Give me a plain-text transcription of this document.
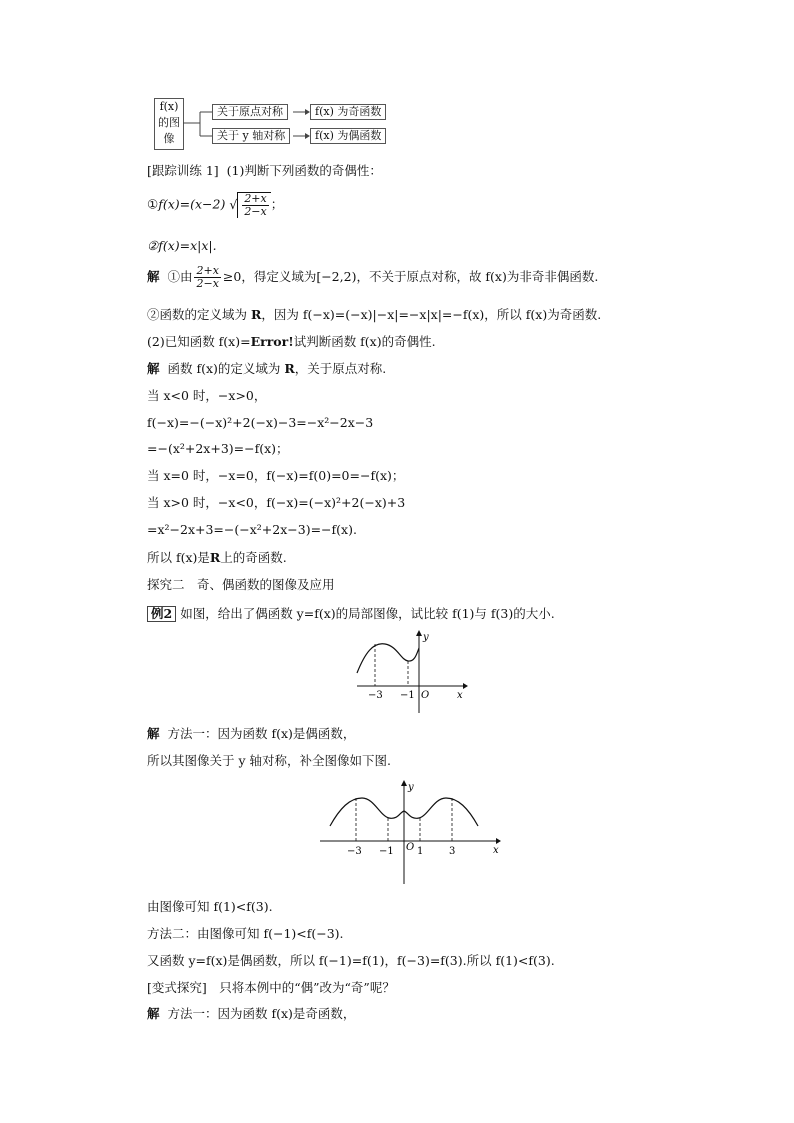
f(x)
的图
像
关于原点对称	f(x) 为奇函数
关于 y 轴对称	f(x) 为偶函数
[跟踪训练 1] (1)判断下列函数的奇偶性：
①f(x)=(x−2) √ $\frac{2+x}{2-x}$ ；
②f(x)=x|x|.
解 ①由 $\frac{2+x}{2-x} \ge 0$，得定义域为[−2,2)，不关于原点对称，故 f(x)为非奇非偶函数.
②函数的定义域为 R，因为 f(−x)=(−x)|−x|=−x|x|=−f(x)，所以 f(x)为奇函数.
(2)已知函数 f(x)=Error!试判断函数 f(x)的奇偶性.
解 函数 f(x)的定义域为 R，关于原点对称.
当 x<0 时，−x>0，
f(−x)=−(−x)²+2(−x)−3=−x²−2x−3
=−(x²+2x+3)=−f(x)；
当 x=0 时，−x=0，f(−x)=f(0)=0=−f(x)；
当 x>0 时，−x<0，f(−x)=(−x)²+2(−x)+3
=x²−2x+3=−(−x²+2x−3)=−f(x).
所以 f(x)是R上的奇函数.
探究二　奇、偶函数的图像及应用
例2 如图，给出了偶函数 y=f(x)的局部图像，试比较 f(1)与 f(3)的大小.
−3 −1 O	x
y
解 方法一：因为函数 f(x)是偶函数，
所以其图像关于 y 轴对称，补全图像如下图.
−3 −1 O 1	3	x
y
由图像可知 f(1)<f(3).
方法二：由图像可知 f(−1)<f(−3).
又函数 y=f(x)是偶函数，所以 f(−1)=f(1)，f(−3)=f(3).所以 f(1)<f(3).
[变式探究]　只将本例中的“偶”改为“奇”呢？
解 方法一：因为函数 f(x)是奇函数，
